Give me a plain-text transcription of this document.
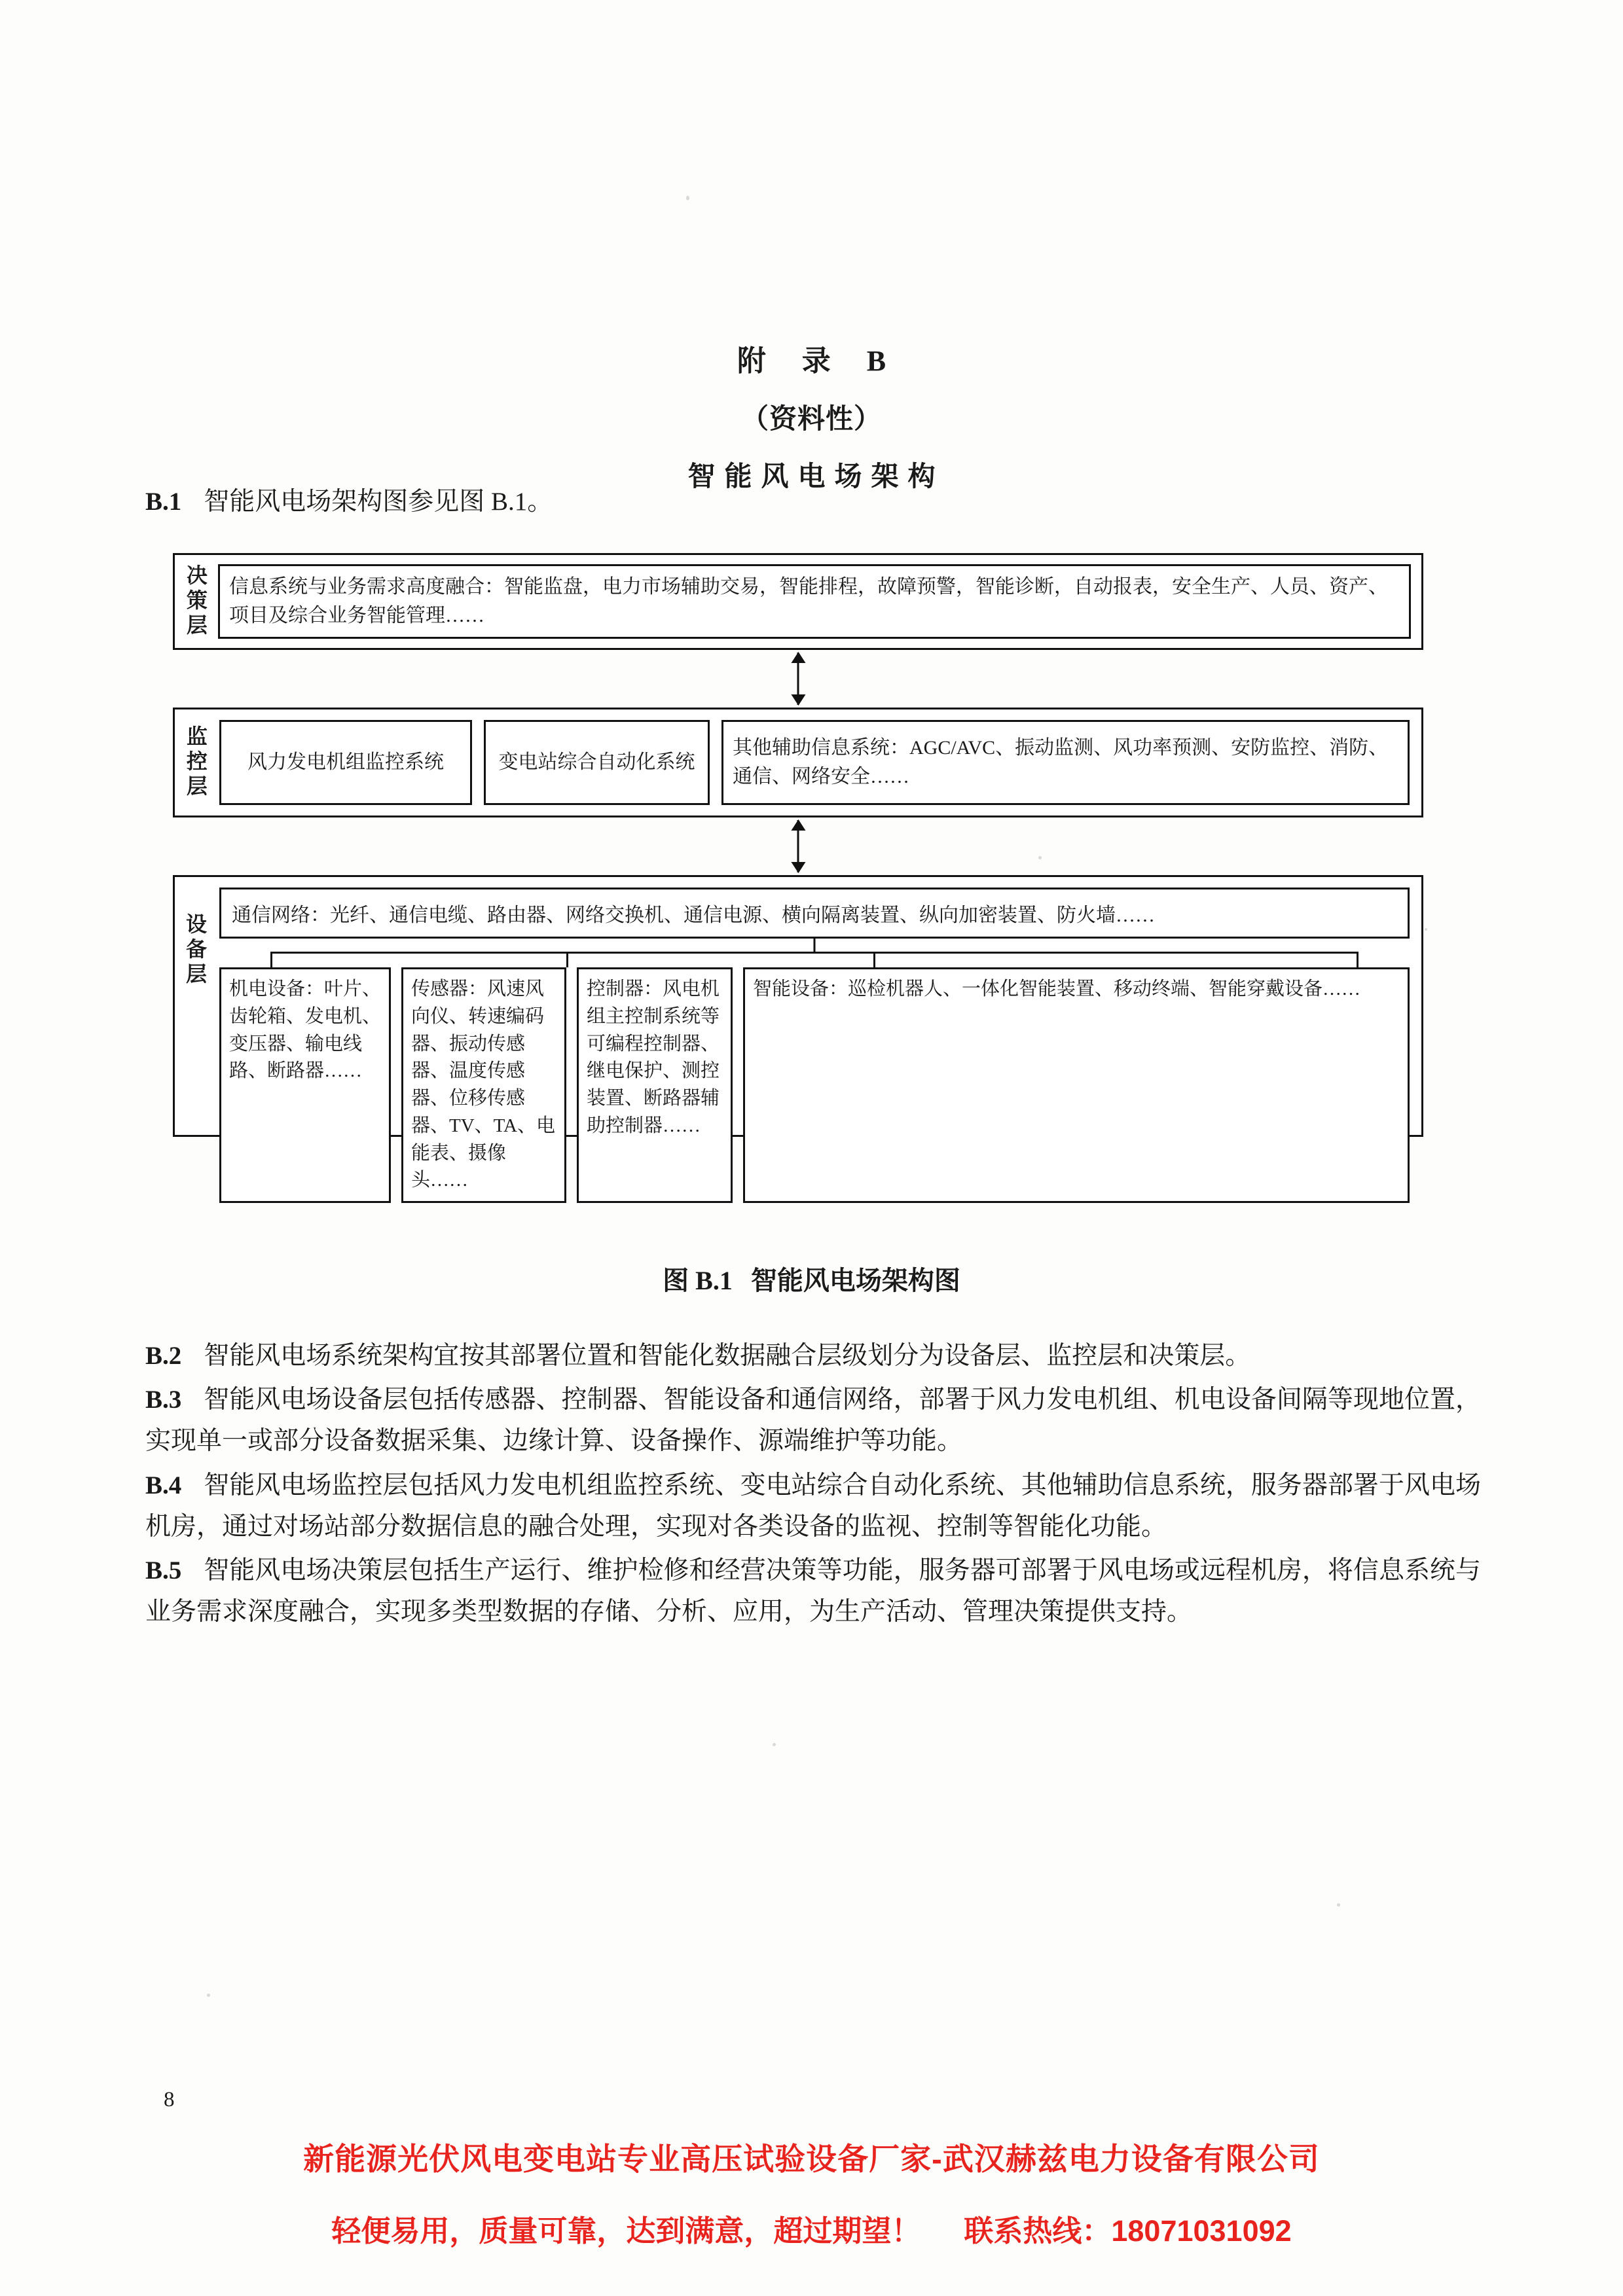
附 录 B
（资料性）
智能风电场架构

B.1 智能风电场架构图参见图 B.1。

决策层	信息系统与业务需求高度融合：智能监盘，电力市场辅助交易，智能排程，故障预警，智能诊断，自动报表，安全生产、人员、资产、项目及综合业务智能管理……
监控层	风力发电机组监控系统	变电站综合自动化系统
其他辅助信息系统：AGC/AVC、振动监测、风功率预测、安防监控、消防、通信、网络安全……
设备层	通信网络：光纤、通信电缆、路由器、网络交换机、通信电源、横向隔离装置、纵向加密装置、防火墙……
机电设备：叶片、齿轮箱、发电机、变压器、输电线路、断路器……
传感器：风速风向仪、转速编码器、振动传感器、温度传感器、位移传感器、TV、TA、电能表、摄像头……
控制器：风电机组主控制系统等可编程控制器、继电保护、测控装置、断路器辅助控制器……
智能设备：巡检机器人、一体化智能装置、移动终端、智能穿戴设备……
图 B.1 智能风电场架构图

B.2 智能风电场系统架构宜按其部署位置和智能化数据融合层级划分为设备层、监控层和决策层。

B.3 智能风电场设备层包括传感器、控制器、智能设备和通信网络，部署于风力发电机组、机电设备间隔等现地位置，实现单一或部分设备数据采集、边缘计算、设备操作、源端维护等功能。

B.4 智能风电场监控层包括风力发电机组监控系统、变电站综合自动化系统、其他辅助信息系统，服务器部署于风电场机房，通过对场站部分数据信息的融合处理，实现对各类设备的监视、控制等智能化功能。

B.5 智能风电场决策层包括生产运行、维护检修和经营决策等功能，服务器可部署于风电场或远程机房，将信息系统与业务需求深度融合，实现多类型数据的存储、分析、应用，为生产活动、管理决策提供支持。

8
新能源光伏风电变电站专业高压试验设备厂家-武汉赫兹电力设备有限公司
轻便易用，质量可靠，达到满意，超过期望！ 联系热线：18071031092
